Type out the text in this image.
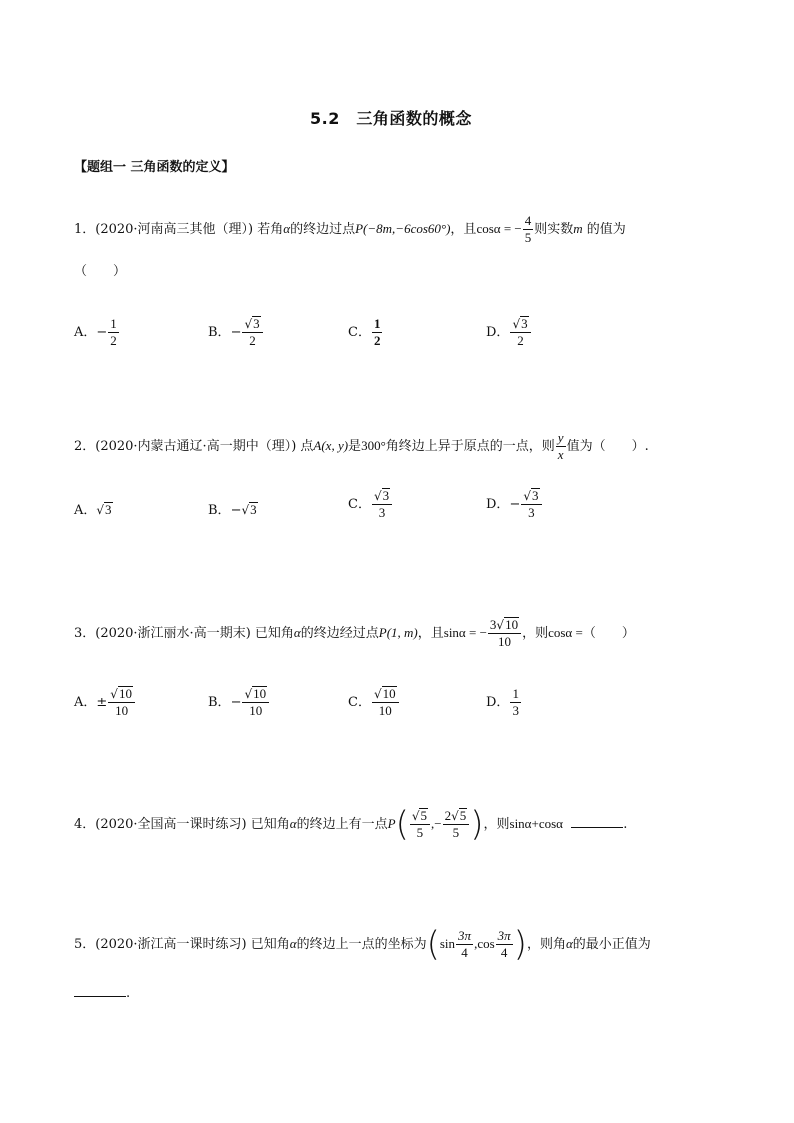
5.2　三角函数的概念
【题组一 三角函数的定义】
1．(2020·河南高三其他（理）) 若角α的终边过点P(−8m,−6cos60°)，且cosα = − $\frac{4}{5}$ 则实数m 的值为
（　　）
A．− $\frac{1}{2}$	B．− $\frac{√3}{2}$	C． $\frac{1}{2}$	D． $\frac{√3}{2}$
2．(2020·内蒙古通辽·高一期中（理）) 点A(x, y)是300°角终边上异于原点的一点，则 $\frac{y}{x}$ 值为（　　）.
A．√3	B．−√3	C． $\frac{√3}{3}$	D．− $\frac{√3}{3}$
3．(2020·浙江丽水·高一期末) 已知角α的终边经过点P(1, m)，且sinα = − $\frac{3√10}{10}$ ，则cosα =（　　）
A．± $\frac{√10}{10}$	B．− $\frac{√10}{10}$	C． $\frac{√10}{10}$	D． $\frac{1}{3}$
4．(2020·全国高一课时练习) 已知角α的终边上有一点$P( \frac{√5}{5}$ ,− $\frac{2√5}{5}$ )，则sinα+cosα	.
5．(2020·浙江高一课时练习) 已知角α的终边上一点的坐标为($\sin \frac{3\pi}{4} ,\cos \frac{3\pi}{4}$ )，则角α的最小正值为
.
